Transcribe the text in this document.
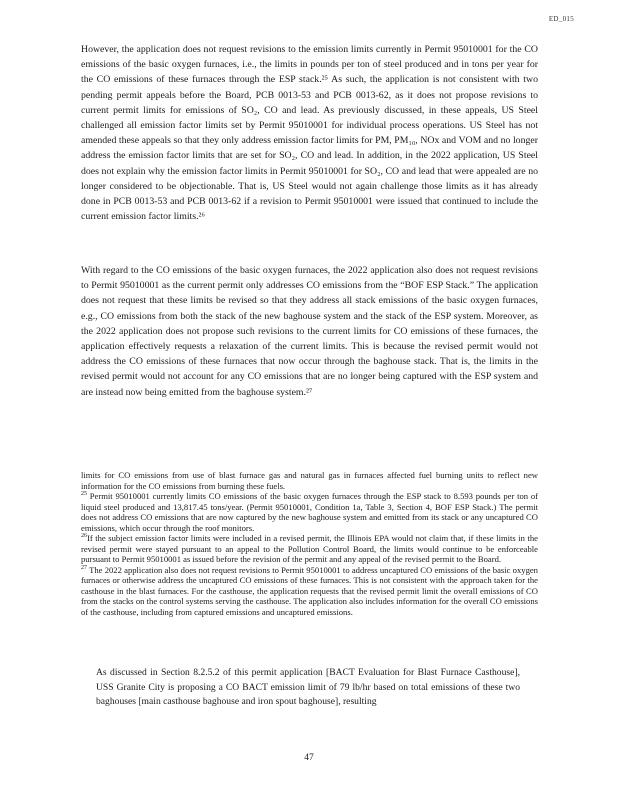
ED_015

However, the application does not request revisions to the emission limits currently in Permit 95010001 for the CO emissions of the basic oxygen furnaces, i.e., the limits in pounds per ton of steel produced and in tons per year for the CO emissions of these furnaces through the ESP stack.²⁵ As such, the application is not consistent with two pending permit appeals before the Board, PCB 0013-53 and PCB 0013-62, as it does not propose revisions to current permit limits for emissions of SO₂, CO and lead. As previously discussed, in these appeals, US Steel challenged all emission factor limits set by Permit 95010001 for individual process operations. US Steel has not amended these appeals so that they only address emission factor limits for PM, PM₁₀, NOx and VOM and no longer address the emission factor limits that are set for SO₂, CO and lead. In addition, in the 2022 application, US Steel does not explain why the emission factor limits in Permit 95010001 for SO₂, CO and lead that were appealed are no longer considered to be objectionable. That is, US Steel would not again challenge those limits as it has already done in PCB 0013-53 and PCB 0013-62 if a revision to Permit 95010001 were issued that continued to include the current emission factor limits.²⁶

With regard to the CO emissions of the basic oxygen furnaces, the 2022 application also does not request revisions to Permit 95010001 as the current permit only addresses CO emissions from the “BOF ESP Stack.” The application does not request that these limits be revised so that they address all stack emissions of the basic oxygen furnaces, e.g., CO emissions from both the stack of the new baghouse system and the stack of the ESP system. Moreover, as the 2022 application does not propose such revisions to the current limits for CO emissions of these furnaces, the application effectively requests a relaxation of the current limits. This is because the revised permit would not address the CO emissions of these furnaces that now occur through the baghouse stack. That is, the limits in the revised permit would not account for any CO emissions that are no longer being captured with the ESP system and are instead now being emitted from the baghouse system.²⁷

limits for CO emissions from use of blast furnace gas and natural gas in furnaces affected fuel burning units to reflect new information for the CO emissions from burning these fuels.

$^{25}$ Permit 95010001 currently limits CO emissions of the basic oxygen furnaces through the ESP stack to 8.593 pounds per ton of liquid steel produced and 13,817.45 tons/year. (Permit 95010001, Condition 1a, Table 3, Section 4, BOF ESP Stack.) The permit does not address CO emissions that are now captured by the new baghouse system and emitted from its stack or any uncaptured CO emissions, which occur through the roof monitors.

$^{26}$If the subject emission factor limits were included in a revised permit, the Illinois EPA would not claim that, if these limits in the revised permit were stayed pursuant to an appeal to the Pollution Control Board, the limits would continue to be enforceable pursuant to Permit 95010001 as issued before the revision of the permit and any appeal of the revised permit to the Board.

$^{27}$ The 2022 application also does not request revisions to Permit 95010001 to address uncaptured CO emissions of the basic oxygen furnaces or otherwise address the uncaptured CO emissions of these furnaces. This is not consistent with the approach taken for the casthouse in the blast furnaces. For the casthouse, the application requests that the revised permit limit the overall emissions of CO from the stacks on the control systems serving the casthouse. The application also includes information for the overall CO emissions of the casthouse, including from captured emissions and uncaptured emissions.

As discussed in Section 8.2.5.2 of this permit application [BACT Evaluation for Blast Furnace Casthouse], USS Granite City is proposing a CO BACT emission limit of 79 lb/hr based on total emissions of these two baghouses [main casthouse baghouse and iron spout baghouse], resulting

47
